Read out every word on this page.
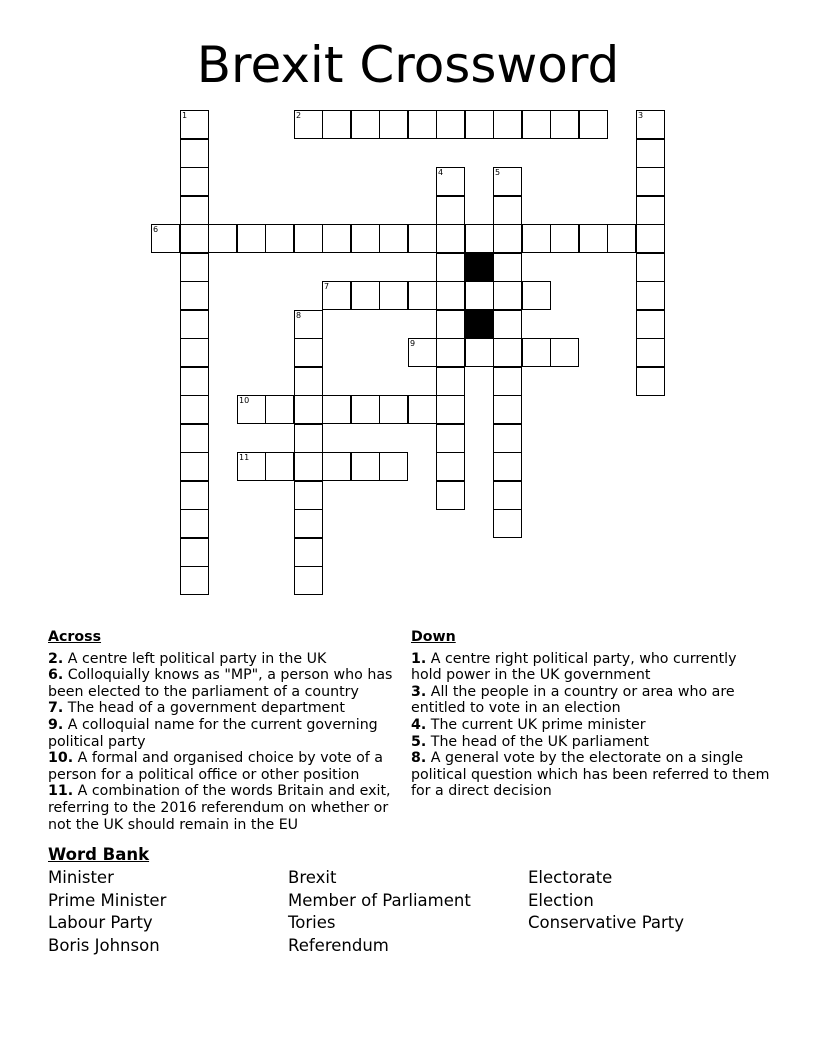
Brexit Crossword
1	2	3
4	5
6
7
8
9
10
11
Across
2. A centre left political party in the UK
6. Colloquially knows as "MP", a person who has been elected to the parliament of a country
7. The head of a government department
9. A colloquial name for the current governing political party
10. A formal and organised choice by vote of a person for a political office or other position
11. A combination of the words Britain and exit, referring to the 2016 referendum on whether or not the UK should remain in the EU
Down
1. A centre right political party, who currently hold power in the UK government
3. All the people in a country or area who are entitled to vote in an election
4. The current UK prime minister
5. The head of the UK parliament
8. A general vote by the electorate on a single political question which has been referred to them for a direct decision
Word Bank
Minister
Prime Minister
Labour Party
Boris Johnson
Brexit
Member of Parliament
Tories
Referendum
Electorate
Election
Conservative Party
